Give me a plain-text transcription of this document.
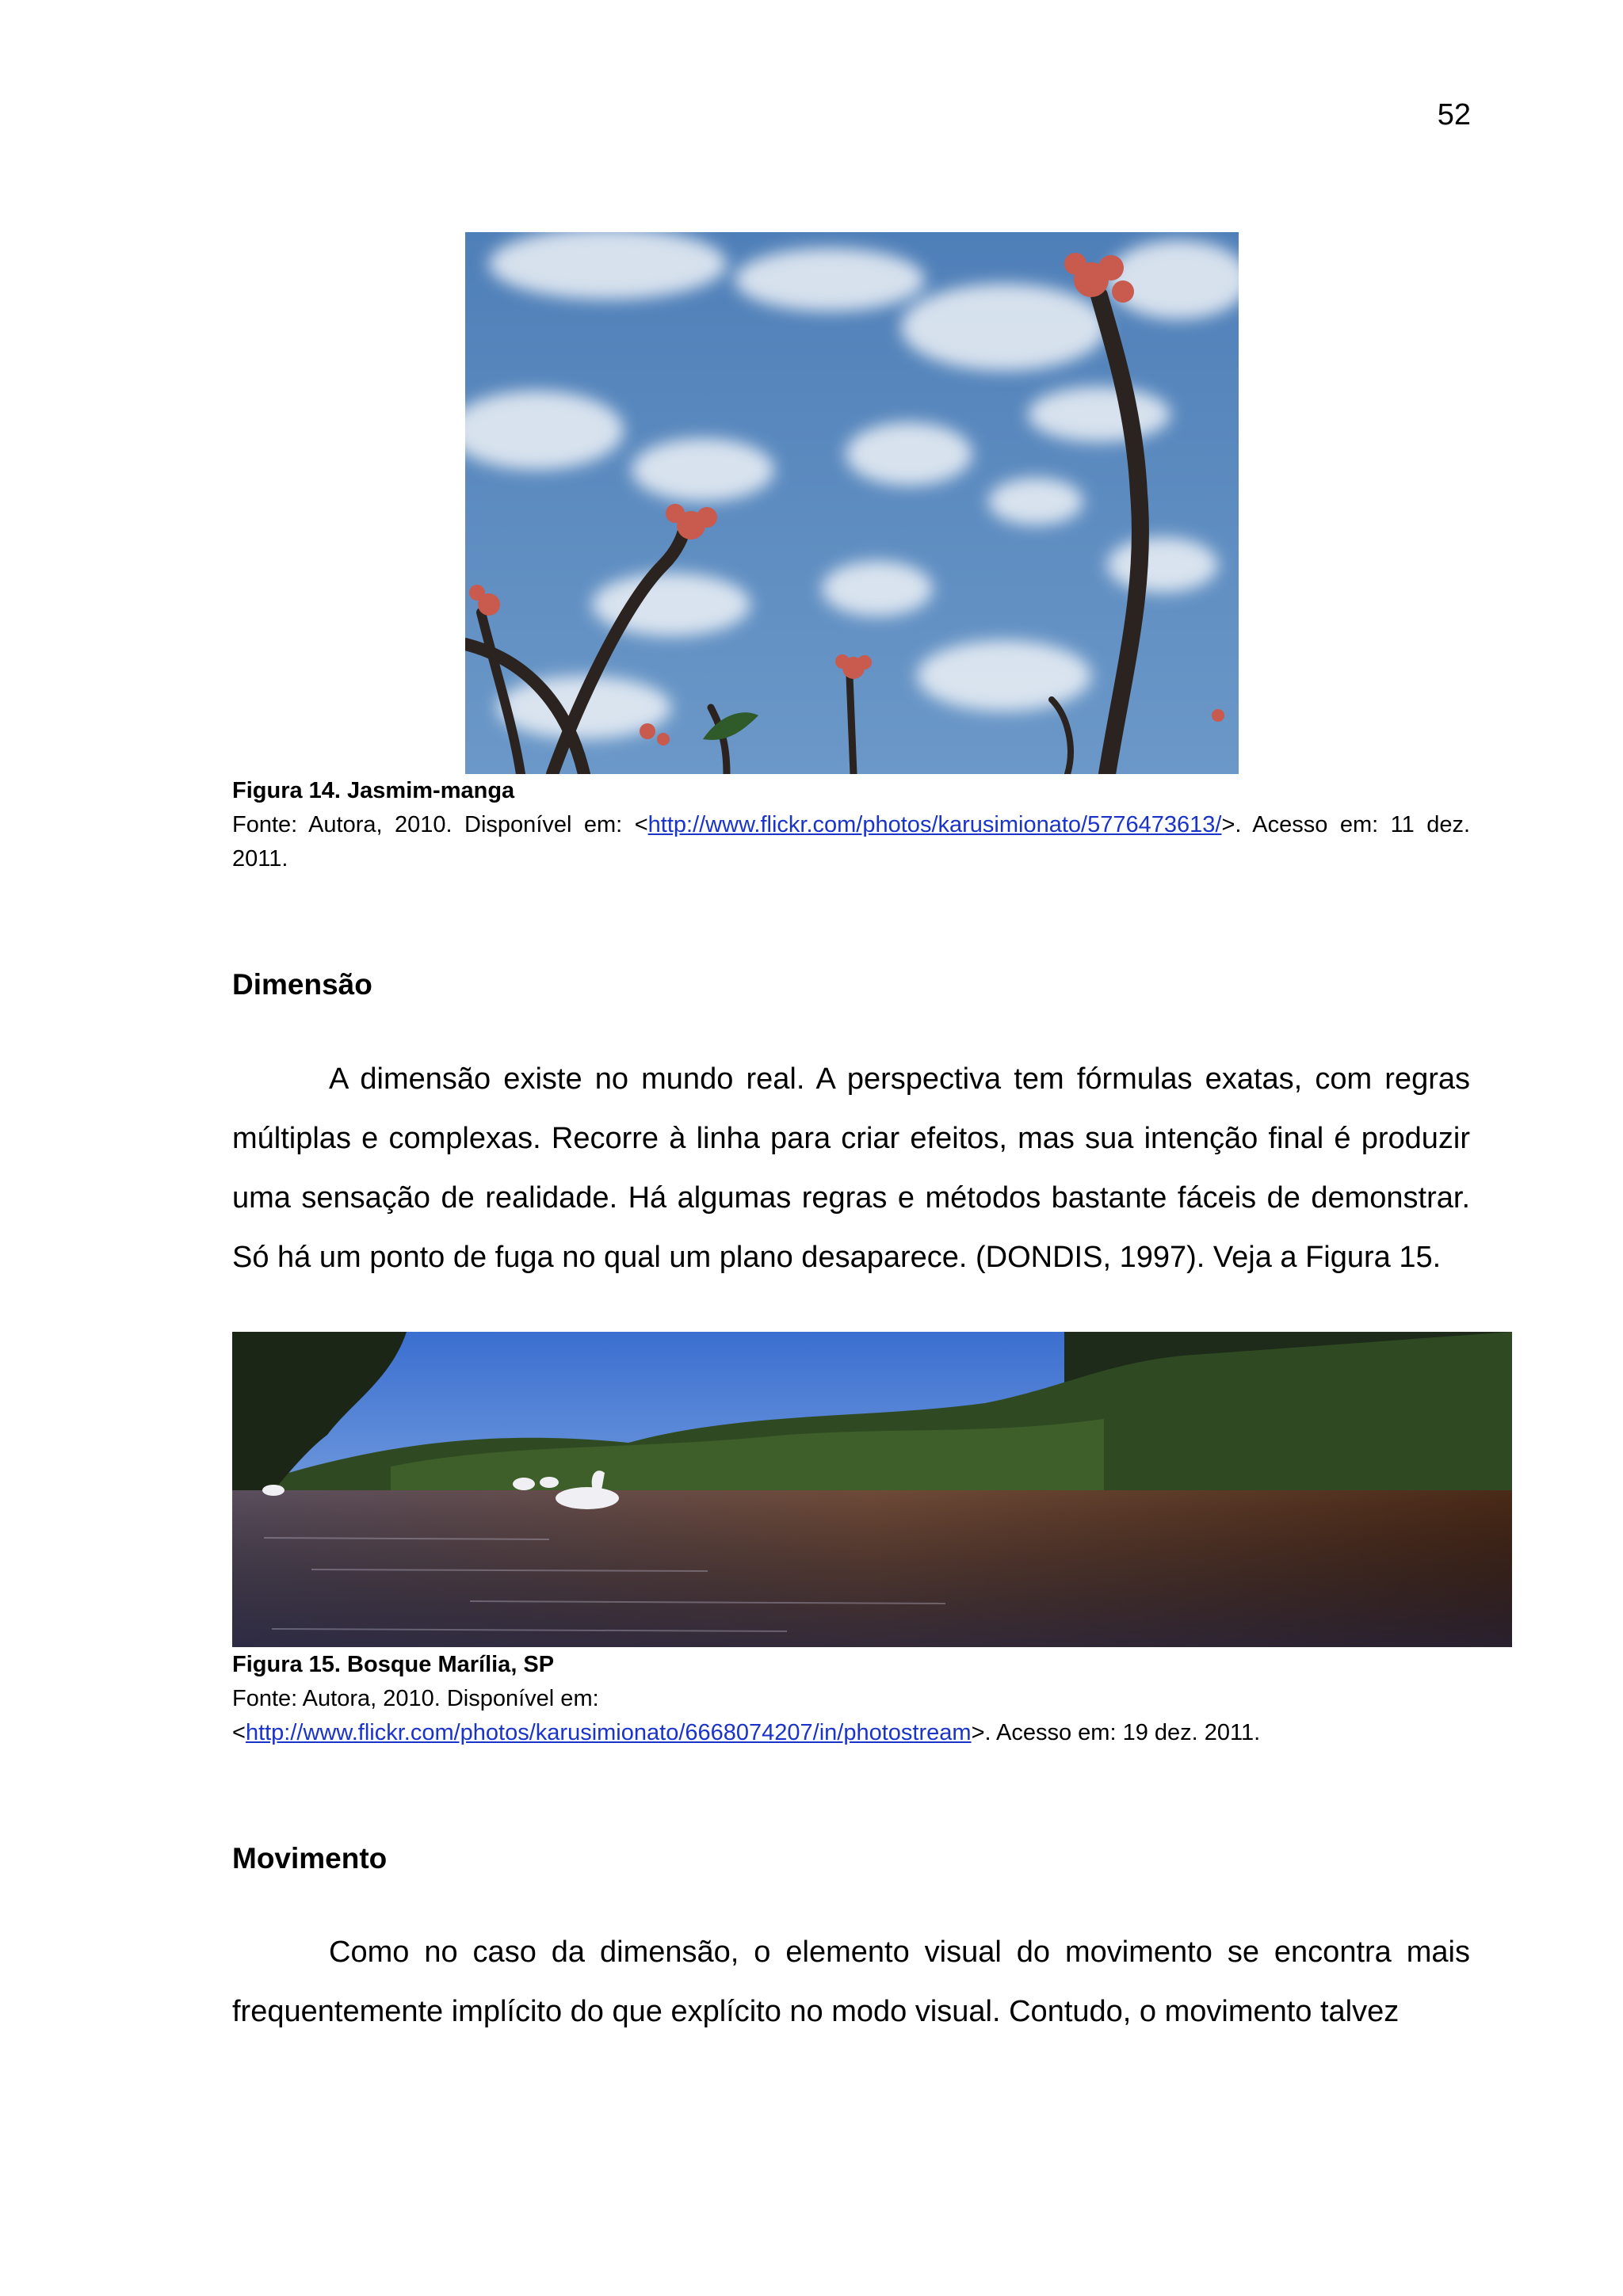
52
Figura 14. Jasmim-manga
Fonte: Autora, 2010. Disponível em: <http://www.flickr.com/photos/karusimionato/5776473613/>. Acesso em: 11 dez. 2011.
Dimensão

A dimensão existe no mundo real. A perspectiva tem fórmulas exatas, com regras múltiplas e complexas. Recorre à linha para criar efeitos, mas sua intenção final é produzir uma sensação de realidade. Há algumas regras e métodos bastante fáceis de demonstrar. Só há um ponto de fuga no qual um plano desaparece. (DONDIS, 1997). Veja a Figura 15.

Figura 15. Bosque Marília, SP
Fonte: Autora, 2010. Disponível em:
<http://www.flickr.com/photos/karusimionato/6668074207/in/photostream>. Acesso em: 19 dez. 2011.
Movimento

Como no caso da dimensão, o elemento visual do movimento se encontra mais frequentemente implícito do que explícito no modo visual. Contudo, o movimento talvez
